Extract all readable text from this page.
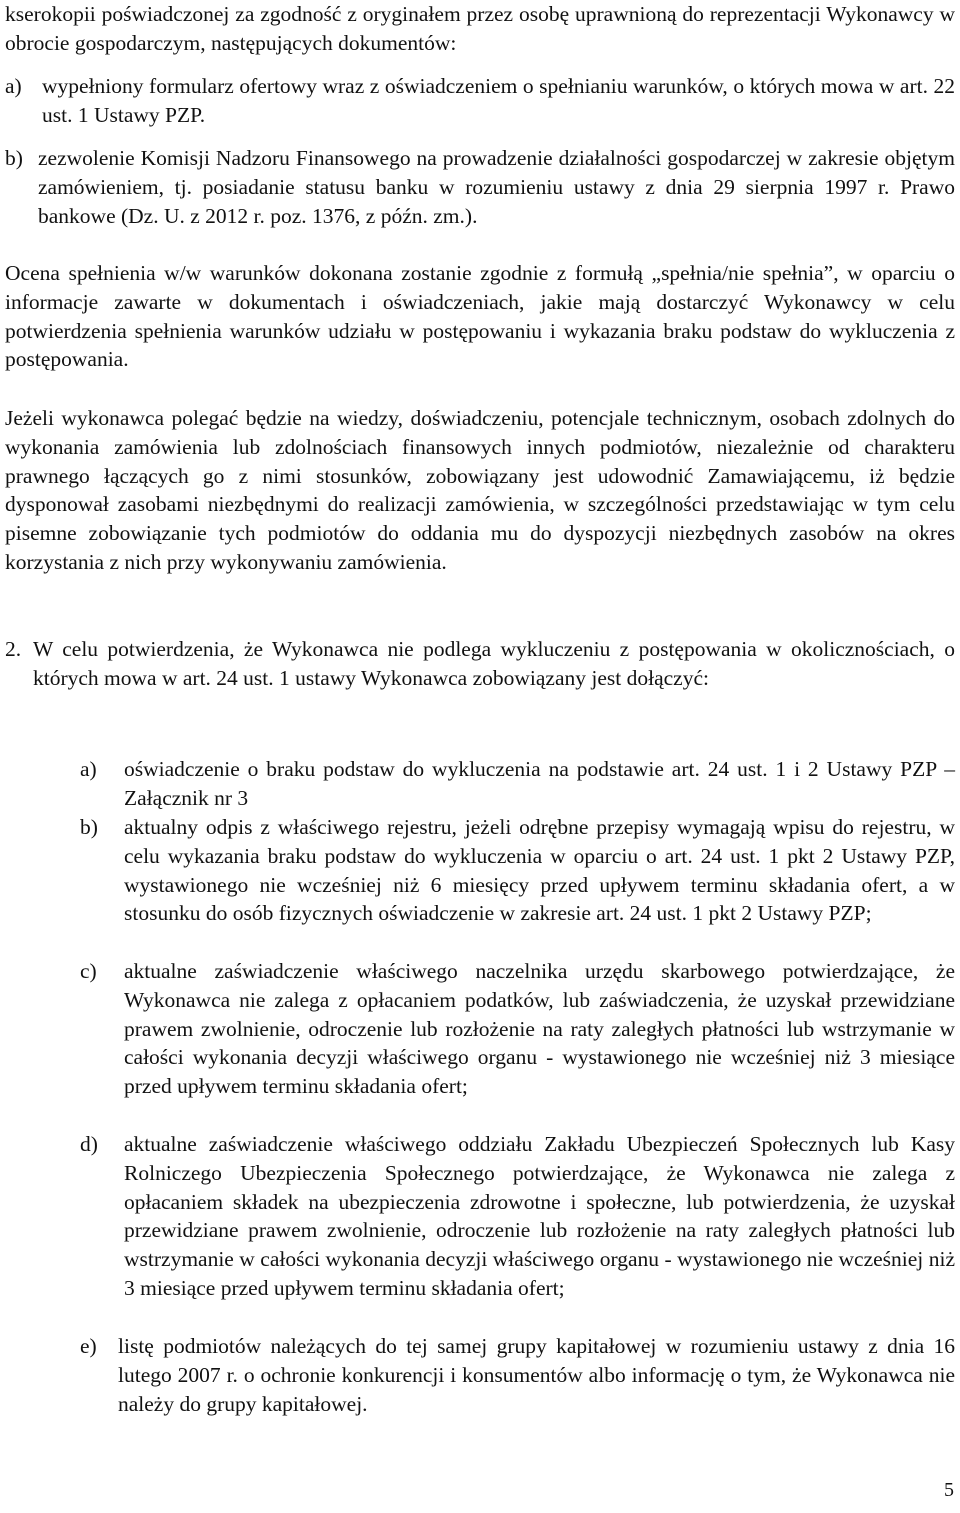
kserokopii poświadczonej za zgodność z oryginałem przez osobę uprawnioną do reprezentacji Wykonawcy w obrocie gospodarczym, następujących dokumentów:

a) wypełniony formularz ofertowy wraz z oświadczeniem o spełnianiu warunków, o których mowa w art. 22 ust. 1 Ustawy PZP.
b) zezwolenie Komisji Nadzoru Finansowego na prowadzenie działalności gospodarczej w zakresie objętym zamówieniem, tj. posiadanie statusu banku w rozumieniu ustawy z dnia 29 sierpnia 1997 r. Prawo bankowe (Dz. U. z 2012 r. poz. 1376, z późn. zm.).

Ocena spełnienia w/w warunków dokonana zostanie zgodnie z formułą „spełnia/nie spełnia”, w oparciu o informacje zawarte w dokumentach i oświadczeniach, jakie mają dostarczyć Wykonawcy w celu potwierdzenia spełnienia warunków udziału w postępowaniu i wykazania braku podstaw do wykluczenia z postępowania.

Jeżeli wykonawca polegać będzie na wiedzy, doświadczeniu, potencjale technicznym, osobach zdolnych do wykonania zamówienia lub zdolnościach finansowych innych podmiotów, niezależnie od charakteru prawnego łączących go z nimi stosunków, zobowiązany jest udowodnić Zamawiającemu, iż będzie dysponował zasobami niezbędnymi do realizacji zamówienia, w szczególności przedstawiając w tym celu pisemne zobowiązanie tych podmiotów do oddania mu do dyspozycji niezbędnych zasobów na okres korzystania z nich przy wykonywaniu zamówienia.

2. W celu potwierdzenia, że Wykonawca nie podlega wykluczeniu z postępowania w okolicznościach, o których mowa w art. 24 ust. 1 ustawy Wykonawca zobowiązany jest dołączyć:
a)	oświadczenie o braku podstaw do wykluczenia na podstawie art. 24 ust. 1 i 2 Ustawy PZP – Załącznik nr 3
b)	aktualny odpis z właściwego rejestru, jeżeli odrębne przepisy wymagają wpisu do rejestru, w celu wykazania braku podstaw do wykluczenia w oparciu o art. 24 ust. 1 pkt 2 Ustawy PZP, wystawionego nie wcześniej niż 6 miesięcy przed upływem terminu składania ofert, a w stosunku do osób fizycznych oświadczenie w zakresie art. 24 ust. 1 pkt 2 Ustawy PZP;
c)	aktualne zaświadczenie właściwego naczelnika urzędu skarbowego potwierdzające, że Wykonawca nie zalega z opłacaniem podatków, lub zaświadczenia, że uzyskał przewidziane prawem zwolnienie, odroczenie lub rozłożenie na raty zaległych płatności lub wstrzymanie w całości wykonania decyzji właściwego organu - wystawionego nie wcześniej niż 3 miesiące przed upływem terminu składania ofert;
d)	aktualne zaświadczenie właściwego oddziału Zakładu Ubezpieczeń Społecznych lub Kasy Rolniczego Ubezpieczenia Społecznego potwierdzające, że Wykonawca nie zalega z opłacaniem składek na ubezpieczenia zdrowotne i społeczne, lub potwierdzenia, że uzyskał przewidziane prawem zwolnienie, odroczenie lub rozłożenie na raty zaległych płatności lub wstrzymanie w całości wykonania decyzji właściwego organu - wystawionego nie wcześniej niż 3 miesiące przed upływem terminu składania ofert;
e) listę podmiotów należących do tej samej grupy kapitałowej w rozumieniu ustawy z dnia 16 lutego 2007 r. o ochronie konkurencji i konsumentów albo informację o tym, że Wykonawca nie należy do grupy kapitałowej.
5
